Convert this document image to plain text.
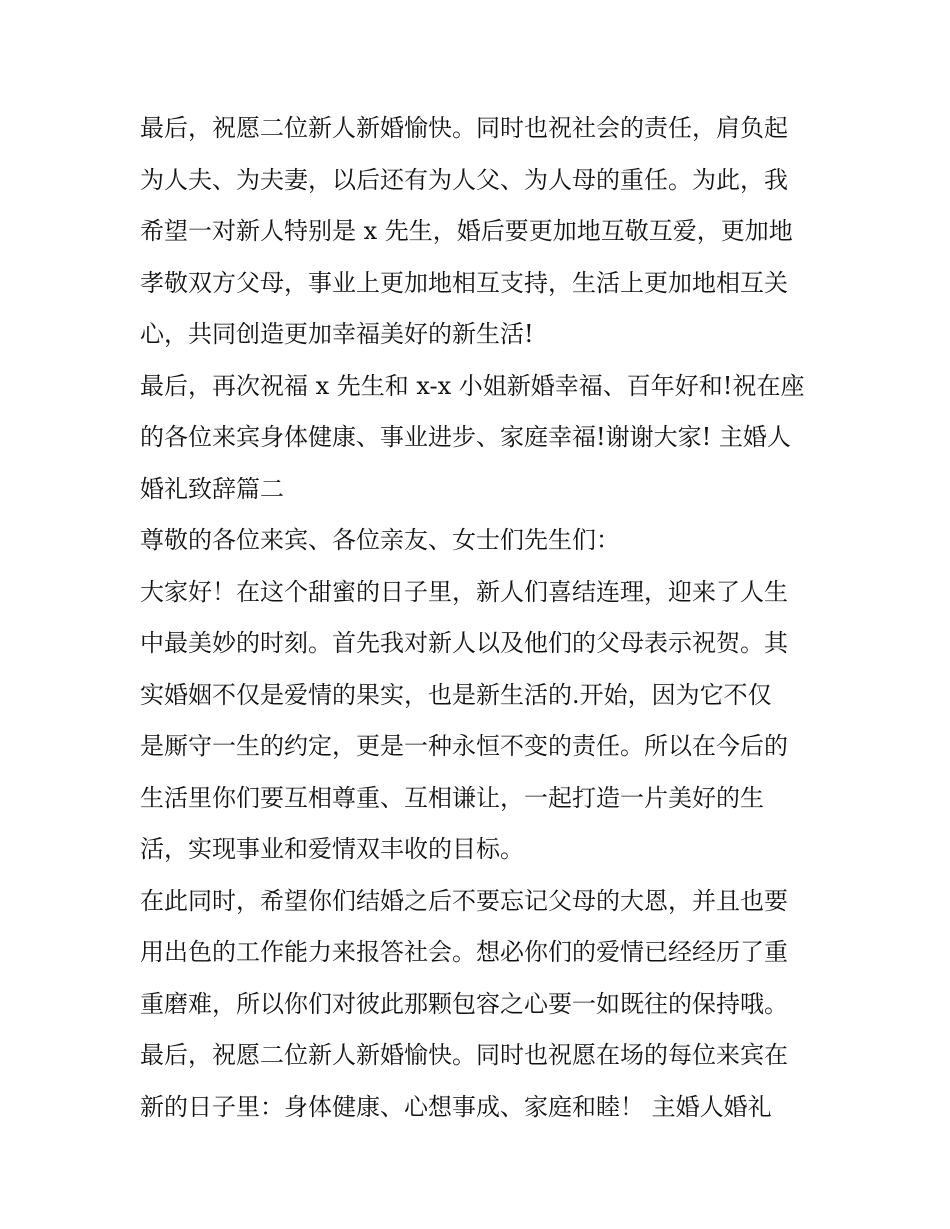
最后，祝愿二位新人新婚愉快。同时也祝社会的责任，肩负起
为人夫、为夫妻，以后还有为人父、为人母的重任。为此，我
希望一对新人特别是 x 先生，婚后要更加地互敬互爱，更加地
孝敬双方父母，事业上更加地相互支持，生活上更加地相互关
心，共同创造更加幸福美好的新生活!
最后，再次祝福 x 先生和 x-x 小姐新婚幸福、百年好和!祝在座
的各位来宾身体健康、事业进步、家庭幸福!谢谢大家! 主婚人
婚礼致辞篇二
尊敬的各位来宾、各位亲友、女士们先生们：
大家好！在这个甜蜜的日子里，新人们喜结连理，迎来了人生
中最美妙的时刻。首先我对新人以及他们的父母表示祝贺。其
实婚姻不仅是爱情的果实，也是新生活的.开始，因为它不仅
是厮守一生的约定，更是一种永恒不变的责任。所以在今后的
生活里你们要互相尊重、互相谦让，一起打造一片美好的生
活，实现事业和爱情双丰收的目标。
在此同时，希望你们结婚之后不要忘记父母的大恩，并且也要
用出色的工作能力来报答社会。想必你们的爱情已经经历了重
重磨难，所以你们对彼此那颗包容之心要一如既往的保持哦。
最后，祝愿二位新人新婚愉快。同时也祝愿在场的每位来宾在
新的日子里：身体健康、心想事成、家庭和睦！ 主婚人婚礼
